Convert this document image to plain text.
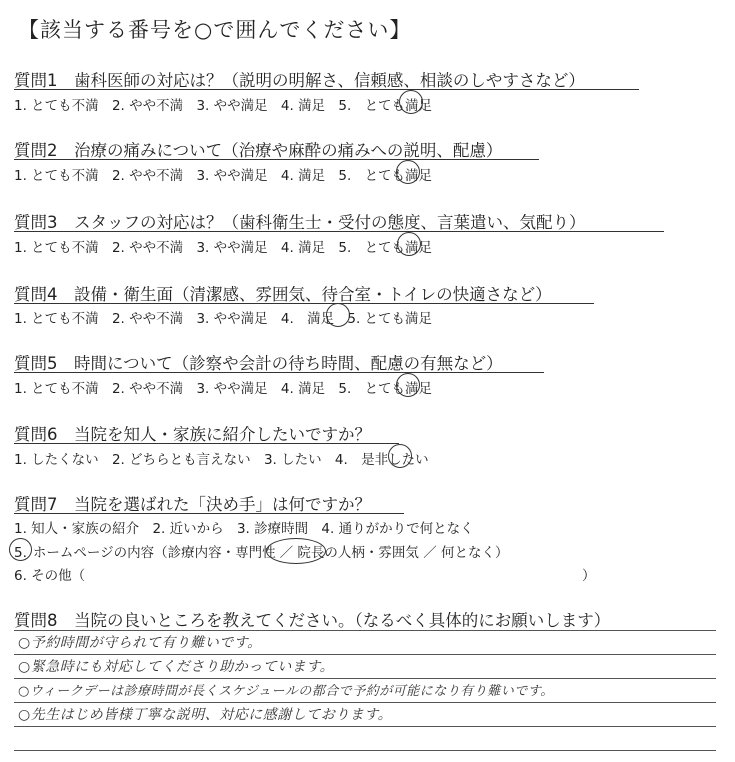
【該当する番号を○で囲んでください】
質問1　歯科医師の対応は？（説明の明解さ、信頼感、相談のしやすさなど）
1. とても不満 2. やや不満 3. やや満足 4. 満足 5. とても満足
質問2　治療の痛みについて（治療や麻酔の痛みへの説明、配慮）
1. とても不満 2. やや不満 3. やや満足 4. 満足 5. とても満足
質問3　スタッフの対応は？（歯科衛生士・受付の態度、言葉遣い、気配り）
1. とても不満 2. やや不満 3. やや満足 4. 満足 5. とても満足
質問4　設備・衛生面（清潔感、雰囲気、待合室・トイレの快適さなど）
1. とても不満 2. やや不満 3. やや満足 4. 満足 5. とても満足
質問5　時間について（診察や会計の待ち時間、配慮の有無など）
1. とても不満 2. やや不満 3. やや満足 4. 満足 5. とても満足
質問6　当院を知人・家族に紹介したいですか？
1. したくない 2. どちらとも言えない 3. したい 4. 是非したい
質問7　当院を選ばれた「決め手」は何ですか？
1. 知人・家族の紹介 2. 近いから 3. 診療時間 4. 通りがかりで何となく
5. ホームページの内容（診療内容・専門性 ／ 院長の人柄・雰囲気 ／ 何となく）
6. その他（	）
質問8　当院の良いところを教えてください。（なるべく具体的にお願いします）
○予約時間が守られて有り難いです。
○緊急時にも対応してくださり助かっています。
○ウィークデーは診療時間が長くスケジュールの都合で予約が可能になり有り難いです。
○先生はじめ皆様丁寧な説明、対応に感謝しております。
